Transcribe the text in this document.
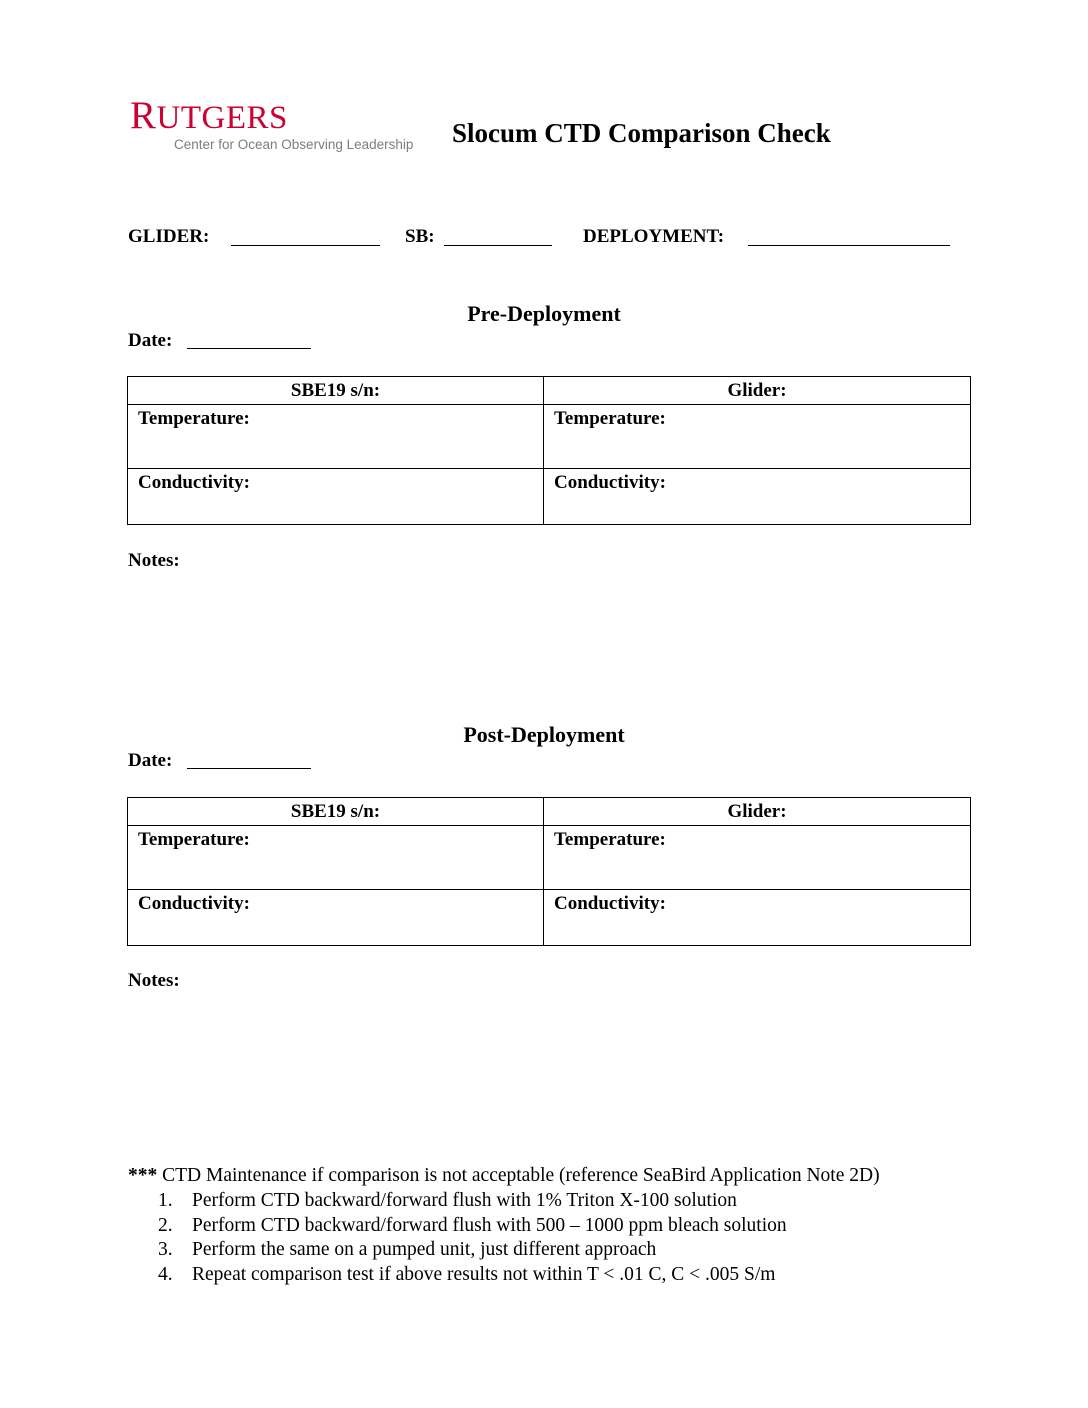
RUTGERS
Center for Ocean Observing Leadership Slocum CTD Comparison Check
GLIDER:	SB:	DEPLOYMENT:
Pre-Deployment
Date:
SBE19 s/n:	Glider:

Temperature:	Temperature:

Conductivity:	Conductivity:
Notes:
Post-Deployment
Date:
SBE19 s/n:	Glider:

Temperature:	Temperature:

Conductivity:	Conductivity:
Notes:
*** CTD Maintenance if comparison is not acceptable (reference SeaBird Application Note 2D)
1. Perform CTD backward/forward flush with 1% Triton X-100 solution
2. Perform CTD backward/forward flush with 500 – 1000 ppm bleach solution
3. Perform the same on a pumped unit, just different approach
4. Repeat comparison test if above results not within T < .01 C, C < .005 S/m
